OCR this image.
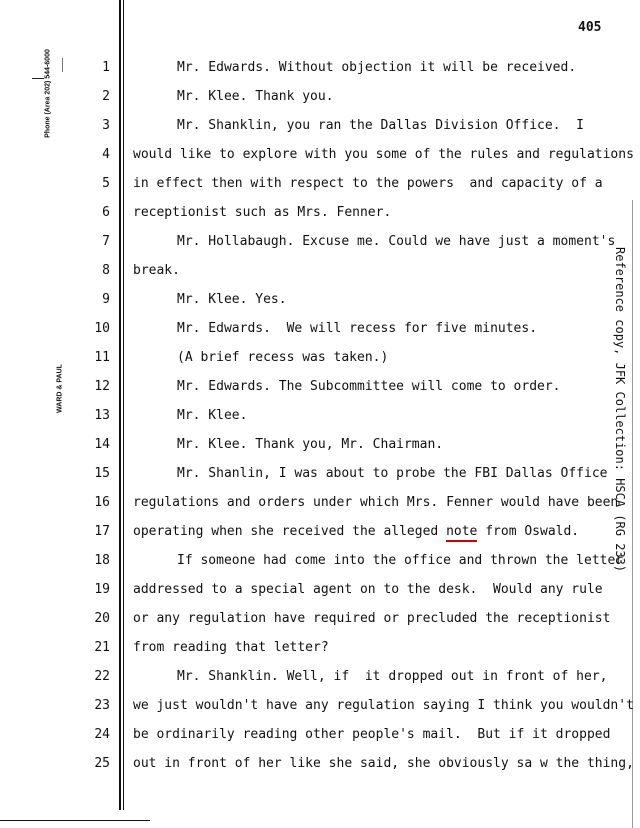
405
Phone (Area 202) 544-6000
WARD & PAUL	Reference copy, JFK Collection: HSCA (RG 233)
1	Mr. Edwards. Without objection it will be received.
2	Mr. Klee. Thank you.
3	Mr. Shanklin, you ran the Dallas Division Office.  I
4 would like to explore with you some of the rules and regulations
5 in effect then with respect to the powers  and capacity of a
6 receptionist such as Mrs. Fenner.
7	Mr. Hollabaugh. Excuse me. Could we have just a moment's
8 break.
9	Mr. Klee. Yes.
10	Mr. Edwards.  We will recess for five minutes.
11	(A brief recess was taken.)
12	Mr. Edwards. The Subcommittee will come to order.
13	Mr. Klee.
14	Mr. Klee. Thank you, Mr. Chairman.
15	Mr. Shanlin, I was about to probe the FBI Dallas Office
16 regulations and orders under which Mrs. Fenner would have been
17 operating when she received the alleged note from Oswald.
18	If someone had come into the office and thrown the letter
19 addressed to a special agent on to the desk.  Would any rule
20 or any regulation have required or precluded the receptionist
21 from reading that letter?
22	Mr. Shanklin. Well, if  it dropped out in front of her,
23 we just wouldn't have any regulation saying I think you wouldn't
24 be ordinarily reading other people's mail.  But if it dropped
25 out in front of her like she said, she obviously sa w the thing,
